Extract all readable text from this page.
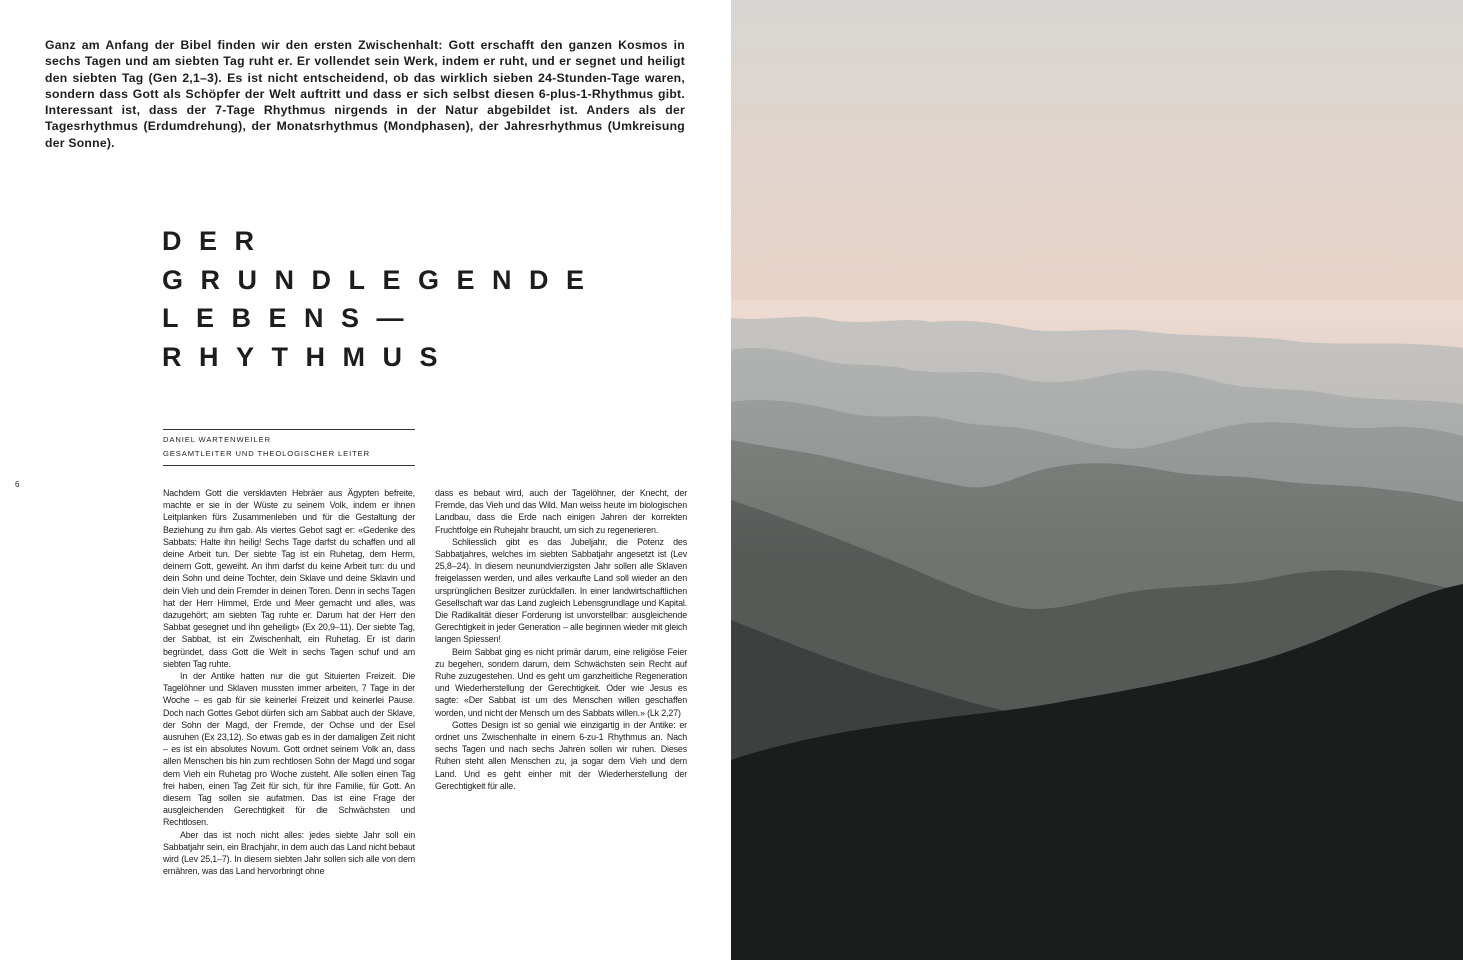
Ganz am Anfang der Bibel finden wir den ersten Zwischenhalt: Gott erschafft den ganzen Kosmos in sechs Tagen und am siebten Tag ruht er. Er vollendet sein Werk, indem er ruht, und er segnet und heiligt den siebten Tag (Gen 2,1–3). Es ist nicht entscheidend, ob das wirklich sieben 24-Stunden-Tage waren, sondern dass Gott als Schöpfer der Welt auftritt und dass er sich selbst diesen 6-plus-1-Rhythmus gibt. Interessant ist, dass der 7-Tage Rhythmus nirgends in der Natur abgebildet ist. Anders als der Tagesrhythmus (Erdumdrehung), der Monatsrhythmus (Mondphasen), der Jahresrhythmus (Umkreisung der Sonne).

DER
GRUNDLEGENDE
LEBENS—
RHYTHMUS
DANIEL WARTENWEILER
GESAMTLEITER UND THEOLOGISCHER LEITER
6

Nachdem Gott die versklavten Hebräer aus Ägypten befreite, machte er sie in der Wüste zu seinem Volk, indem er ihnen Leitplanken fürs Zusammenleben und für die Gestaltung der Beziehung zu ihm gab. Als viertes Gebot sagt er: «Gedenke des Sabbats: Halte ihn heilig! Sechs Tage darfst du schaffen und all deine Arbeit tun. Der siebte Tag ist ein Ruhetag, dem Herrn, deinem Gott, geweiht. An ihm darfst du keine Arbeit tun: du und dein Sohn und deine Tochter, dein Sklave und deine Sklavin und dein Vieh und dein Fremder in deinen Toren. Denn in sechs Tagen hat der Herr Himmel, Erde und Meer gemacht und alles, was dazugehört; am siebten Tag ruhte er. Darum hat der Herr den Sabbat gesegnet und ihn geheiligt» (Ex 20,9–11). Der siebte Tag, der Sabbat, ist ein Zwischenhalt, ein Ruhetag. Er ist darin begründet, dass Gott die Welt in sechs Tagen schuf und am siebten Tag ruhte.

In der Antike hatten nur die gut Situierten Freizeit. Die Tagelöhner und Sklaven mussten immer arbeiten, 7 Tage in der Woche – es gab für sie keinerlei Freizeit und keinerlei Pause. Doch nach Gottes Gebot dürfen sich am Sabbat auch der Sklave, der Sohn der Magd, der Fremde, der Ochse und der Esel ausruhen (Ex 23,12). So etwas gab es in der damaligen Zeit nicht – es ist ein absolutes Novum. Gott ordnet seinem Volk an, dass allen Menschen bis hin zum rechtlosen Sohn der Magd und sogar dem Vieh ein Ruhetag pro Woche zusteht. Alle sollen einen Tag frei haben, einen Tag Zeit für sich, für ihre Familie, für Gott. An diesem Tag sollen sie aufatmen. Das ist eine Frage der ausgleichenden Gerechtigkeit für die Schwächsten und Rechtlosen.

Aber das ist noch nicht alles: jedes siebte Jahr soll ein Sabbatjahr sein, ein Brachjahr, in dem auch das Land nicht bebaut wird (Lev 25,1–7). In diesem siebten Jahr sollen sich alle von dem ernähren, was das Land hervorbringt ohne

dass es bebaut wird, auch der Tagelöhner, der Knecht, der Fremde, das Vieh und das Wild. Man weiss heute im biologischen Landbau, dass die Erde nach einigen Jahren der korrekten Fruchtfolge ein Ruhejahr braucht, um sich zu regenerieren.

Schliesslich gibt es das Jubeljahr, die Potenz des Sabbatjahres, welches im siebten Sabbatjahr angesetzt ist (Lev 25,8–24). In diesem neunundvierzigsten Jahr sollen alle Sklaven freigelassen werden, und alles verkaufte Land soll wieder an den ursprünglichen Besitzer zurückfallen. In einer landwirtschaftlichen Gesellschaft war das Land zugleich Lebensgrundlage und Kapital. Die Radikalität dieser Forderung ist unvorstellbar: ausgleichende Gerechtigkeit in jeder Generation – alle beginnen wieder mit gleich langen Spiessen!

Beim Sabbat ging es nicht primär darum, eine religiöse Feier zu begehen, sondern darum, dem Schwächsten sein Recht auf Ruhe zuzugestehen. Und es geht um ganzheitliche Regeneration und Wiederherstellung der Gerechtigkeit. Oder wie Jesus es sagte: «Der Sabbat ist um des Menschen willen geschaffen worden, und nicht der Mensch um des Sabbats willen.» (Lk 2,27)

Gottes Design ist so genial wie einzigartig in der Antike: er ordnet uns Zwischenhalte in einem 6-zu-1 Rhythmus an. Nach sechs Tagen und nach sechs Jahren sollen wir ruhen. Dieses Ruhen steht allen Menschen zu, ja sogar dem Vieh und dem Land. Und es geht einher mit der Wiederherstellung der Gerechtigkeit für alle.
